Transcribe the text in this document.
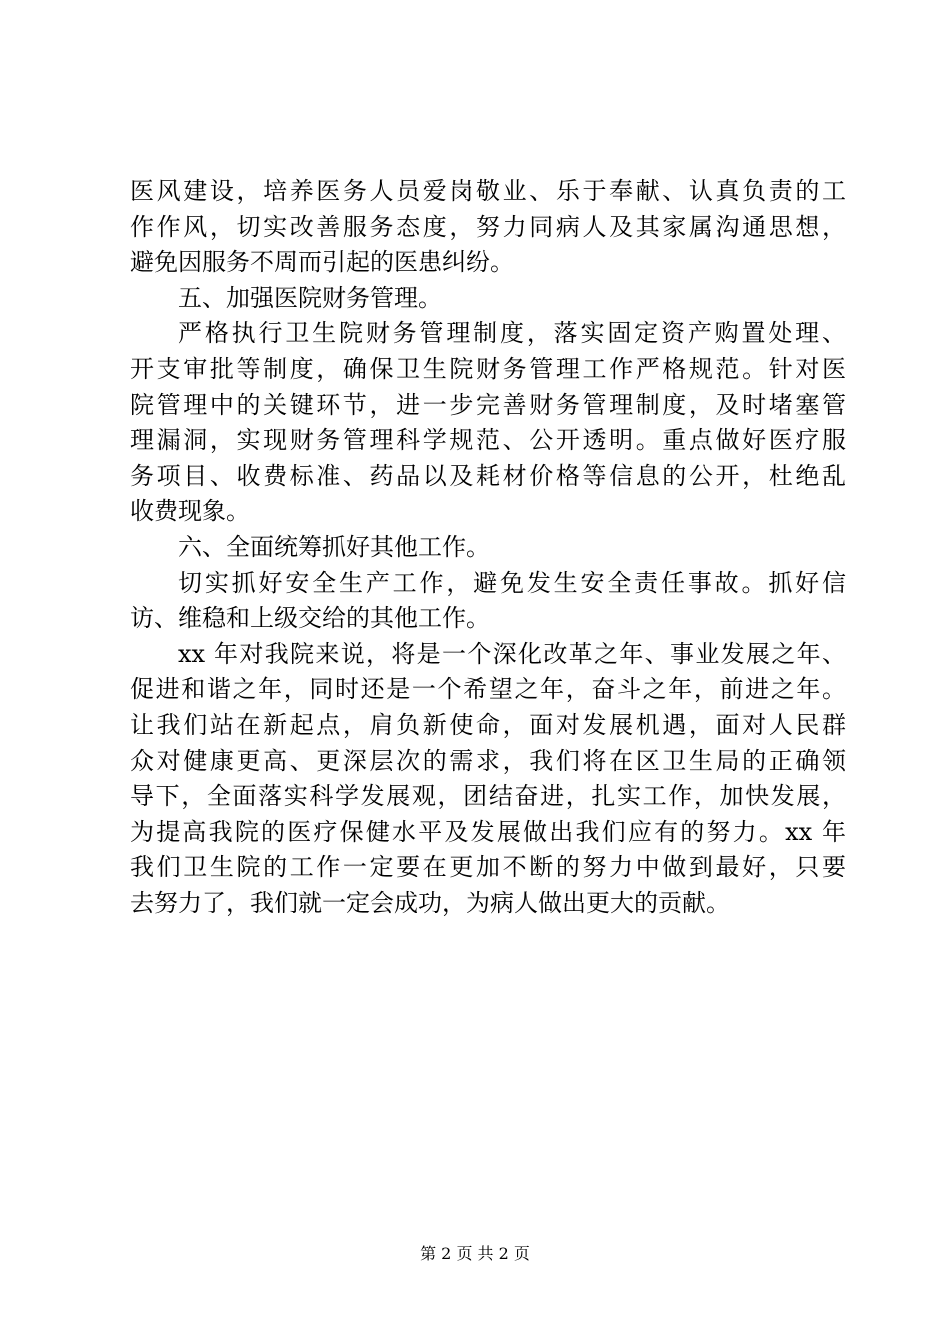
医风建设，培养医务人员爱岗敬业、乐于奉献、认真负责的工
作作风，切实改善服务态度，努力同病人及其家属沟通思想，
避免因服务不周而引起的医患纠纷。
五、加强医院财务管理。
严格执行卫生院财务管理制度，落实固定资产购置处理、
开支审批等制度，确保卫生院财务管理工作严格规范。针对医
院管理中的关键环节，进一步完善财务管理制度，及时堵塞管
理漏洞，实现财务管理科学规范、公开透明。重点做好医疗服
务项目、收费标准、药品以及耗材价格等信息的公开，杜绝乱
收费现象。
六、全面统筹抓好其他工作。
切实抓好安全生产工作，避免发生安全责任事故。抓好信
访、维稳和上级交给的其他工作。
xx 年对我院来说，将是一个深化改革之年、事业发展之年、
促进和谐之年，同时还是一个希望之年，奋斗之年，前进之年。
让我们站在新起点，肩负新使命，面对发展机遇，面对人民群
众对健康更高、更深层次的需求，我们将在区卫生局的正确领
导下，全面落实科学发展观，团结奋进，扎实工作，加快发展，
为提高我院的医疗保健水平及发展做出我们应有的努力。xx 年
我们卫生院的工作一定要在更加不断的努力中做到最好，只要
去努力了，我们就一定会成功，为病人做出更大的贡献。
第 2 页 共 2 页
